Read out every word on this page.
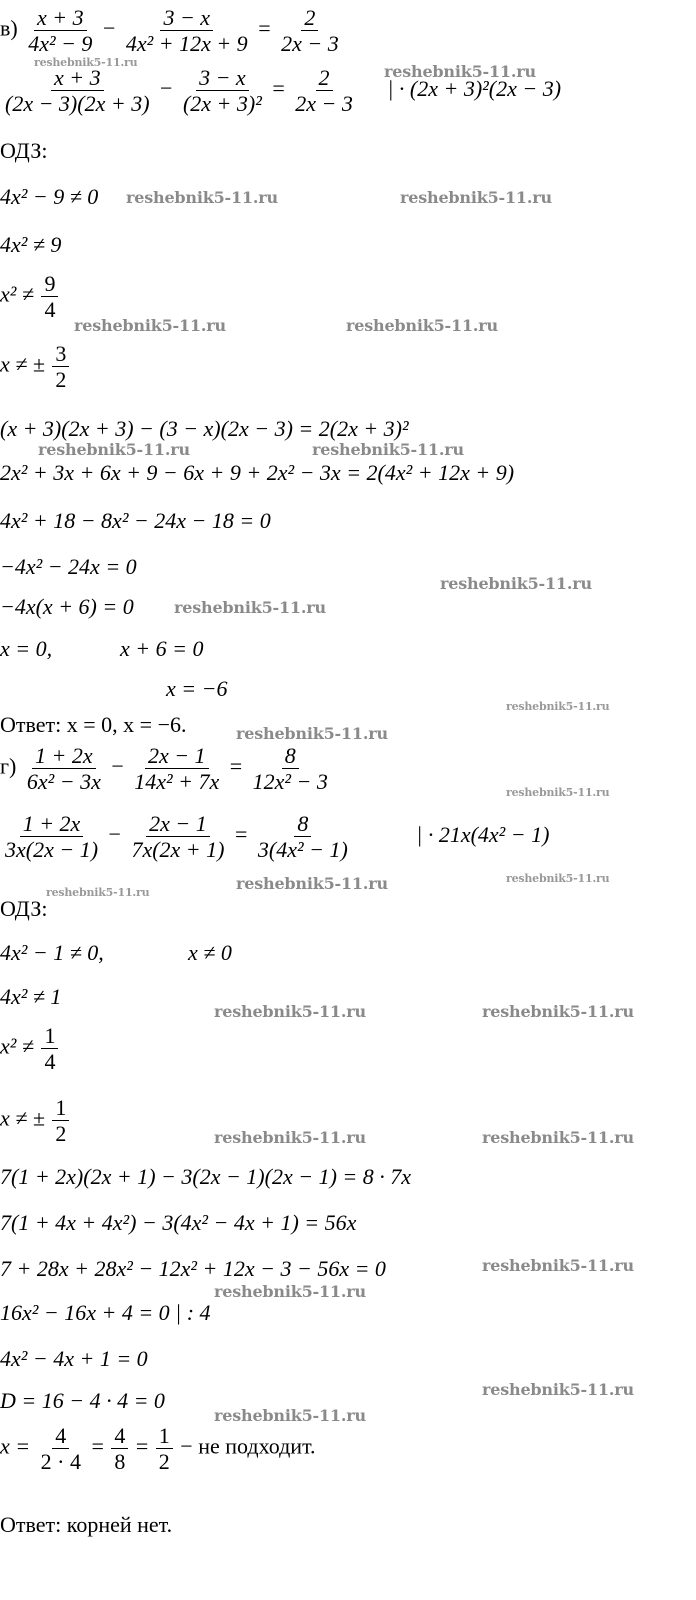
$в) \frac{x + 3}{\text{4x² − 9}} - \frac{3 - x}{\text{4x² + 12x + 9}} = \frac{2}{2x - 3}$
$\frac{x + 3}{(2x - 3)(2x + 3)} - \frac{3 - x}{\text{(2x + 3)²}} = \frac{2}{2x - 3}$ | · (2x + 3)²(2x − 3)
ОДЗ:
4x² − 9 ≠ 0
4x² ≠ 9
$x^2 \ne \frac{9}{4}$
x ≠ ± $\frac{3}{2}$
(x + 3)(2x + 3) − (3 − x)(2x − 3) = 2(2x + 3)²
2x² + 3x + 6x + 9 − 6x + 9 + 2x² − 3x = 2(4x² + 12x + 9)
4x² + 18 − 8x² − 24x − 18 = 0
−4x² − 24x = 0
−4x(x + 6) = 0
x = 0,	x + 6 = 0
x = −6
Ответ: x = 0, x = −6.
$г) \frac{1 + 2x}{\text{6x² − 3x}} - \frac{2x - 1}{\text{14x² + 7x}} = \frac{8}{\text{12x² − 3}}$
$\frac{1 + 2x}{3x(2x - 1)} - \frac{2x - 1}{7x(2x + 1)} = \frac{8}{\text{3(4x² − 1)}}$	| · 21x(4x² − 1)
ОДЗ:
4x² − 1 ≠ 0,	x ≠ 0
4x² ≠ 1
$x^2 \ne \frac{1}{4}$
x ≠ ± $\frac{1}{2}$
7(1 + 2x)(2x + 1) − 3(2x − 1)(2x − 1) = 8 · 7x
7(1 + 4x + 4x²) − 3(4x² − 4x + 1) = 56x
7 + 28x + 28x² − 12x² + 12x − 3 − 56x = 0
16x² − 16x + 4 = 0 | : 4
4x² − 4x + 1 = 0
D = 16 − 4 · 4 = 0
$x = \frac{4}{2 \cdot 4} = \frac{4}{8} = \frac{1}{2}$ − не подходит.
Ответ: корней нет.
reshebnik5-11.ru	reshebnik5-11.ru
reshebnik5-11.ru	reshebnik5-11.ru
reshebnik5-11.ru	reshebnik5-11.ru
reshebnik5-11.ru	reshebnik5-11.ru
reshebnik5-11.ru
reshebnik5-11.ru
reshebnik5-11.ru
reshebnik5-11.ru
reshebnik5-11.ru
reshebnik5-11.ru
reshebnik5-11.ru	reshebnik5-11.ru
reshebnik5-11.ru	reshebnik5-11.ru
reshebnik5-11.ru	reshebnik5-11.ru
reshebnik5-11.ru
reshebnik5-11.ru
reshebnik5-11.ru
reshebnik5-11.ru
